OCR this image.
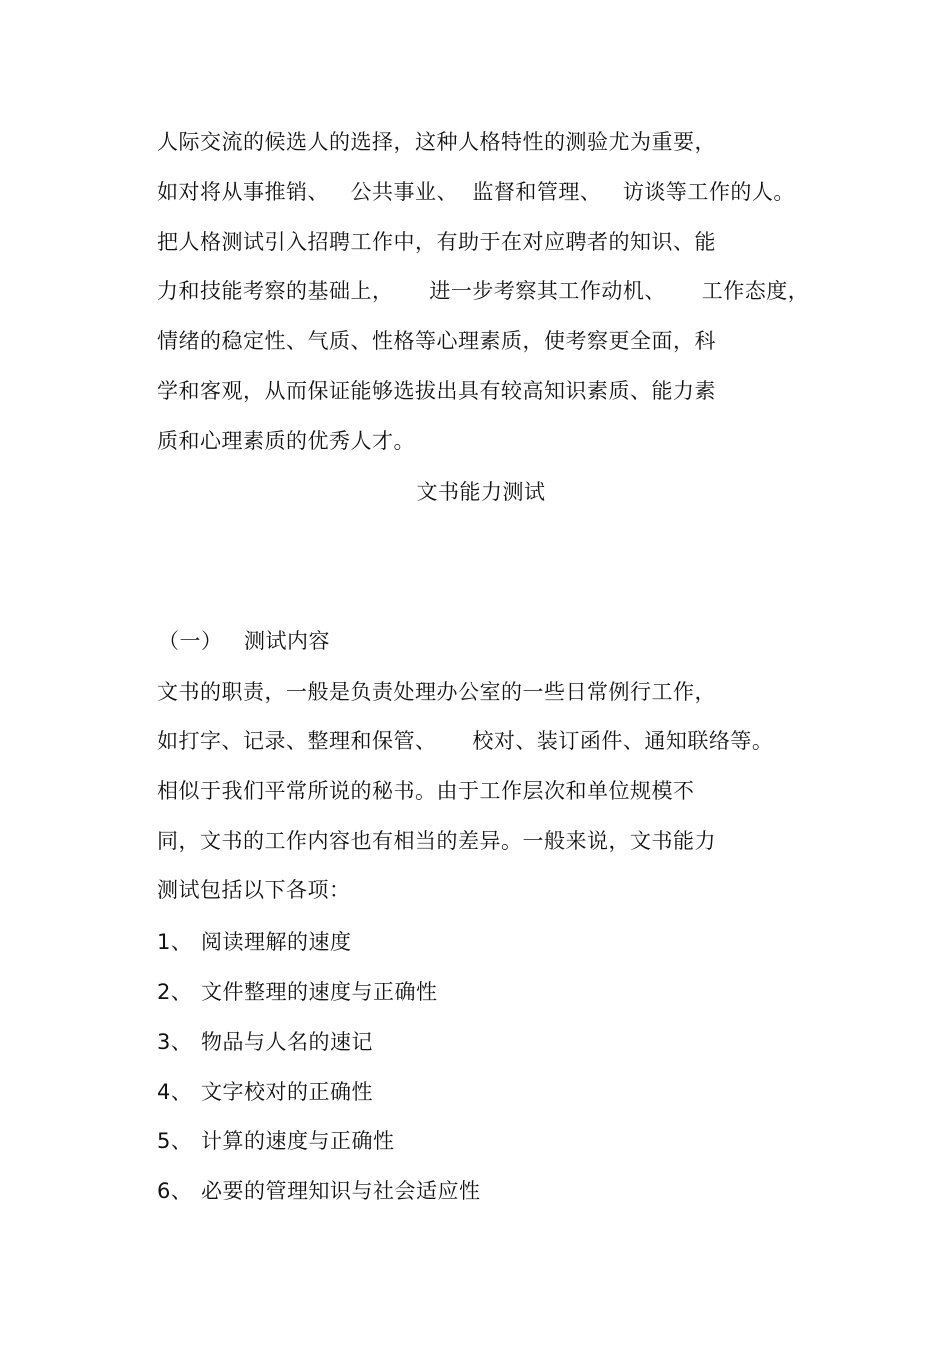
人际交流的候选人的选择，这种人格特性的测验尤为重要，
如对将从事推销、   公共事业、  监督和管理、   访谈等工作的人。
把人格测试引入招聘工作中，有助于在对应聘者的知识、能
力和技能考察的基础上，     进一步考察其工作动机、     工作态度，
情绪的稳定性、气质、性格等心理素质，使考察更全面，科
学和客观，从而保证能够选拔出具有较高知识素质、能力素
质和心理素质的优秀人才。
文书能力测试
（一）   测试内容
文书的职责，一般是负责处理办公室的一些日常例行工作，
如打字、记录、整理和保管、     校对、装订函件、通知联络等。
相似于我们平常所说的秘书。由于工作层次和单位规模不
同，文书的工作内容也有相当的差异。一般来说，文书能力
测试包括以下各项：
1、 阅读理解的速度
2、 文件整理的速度与正确性
3、 物品与人名的速记
4、 文字校对的正确性
5、 计算的速度与正确性
6、 必要的管理知识与社会适应性
